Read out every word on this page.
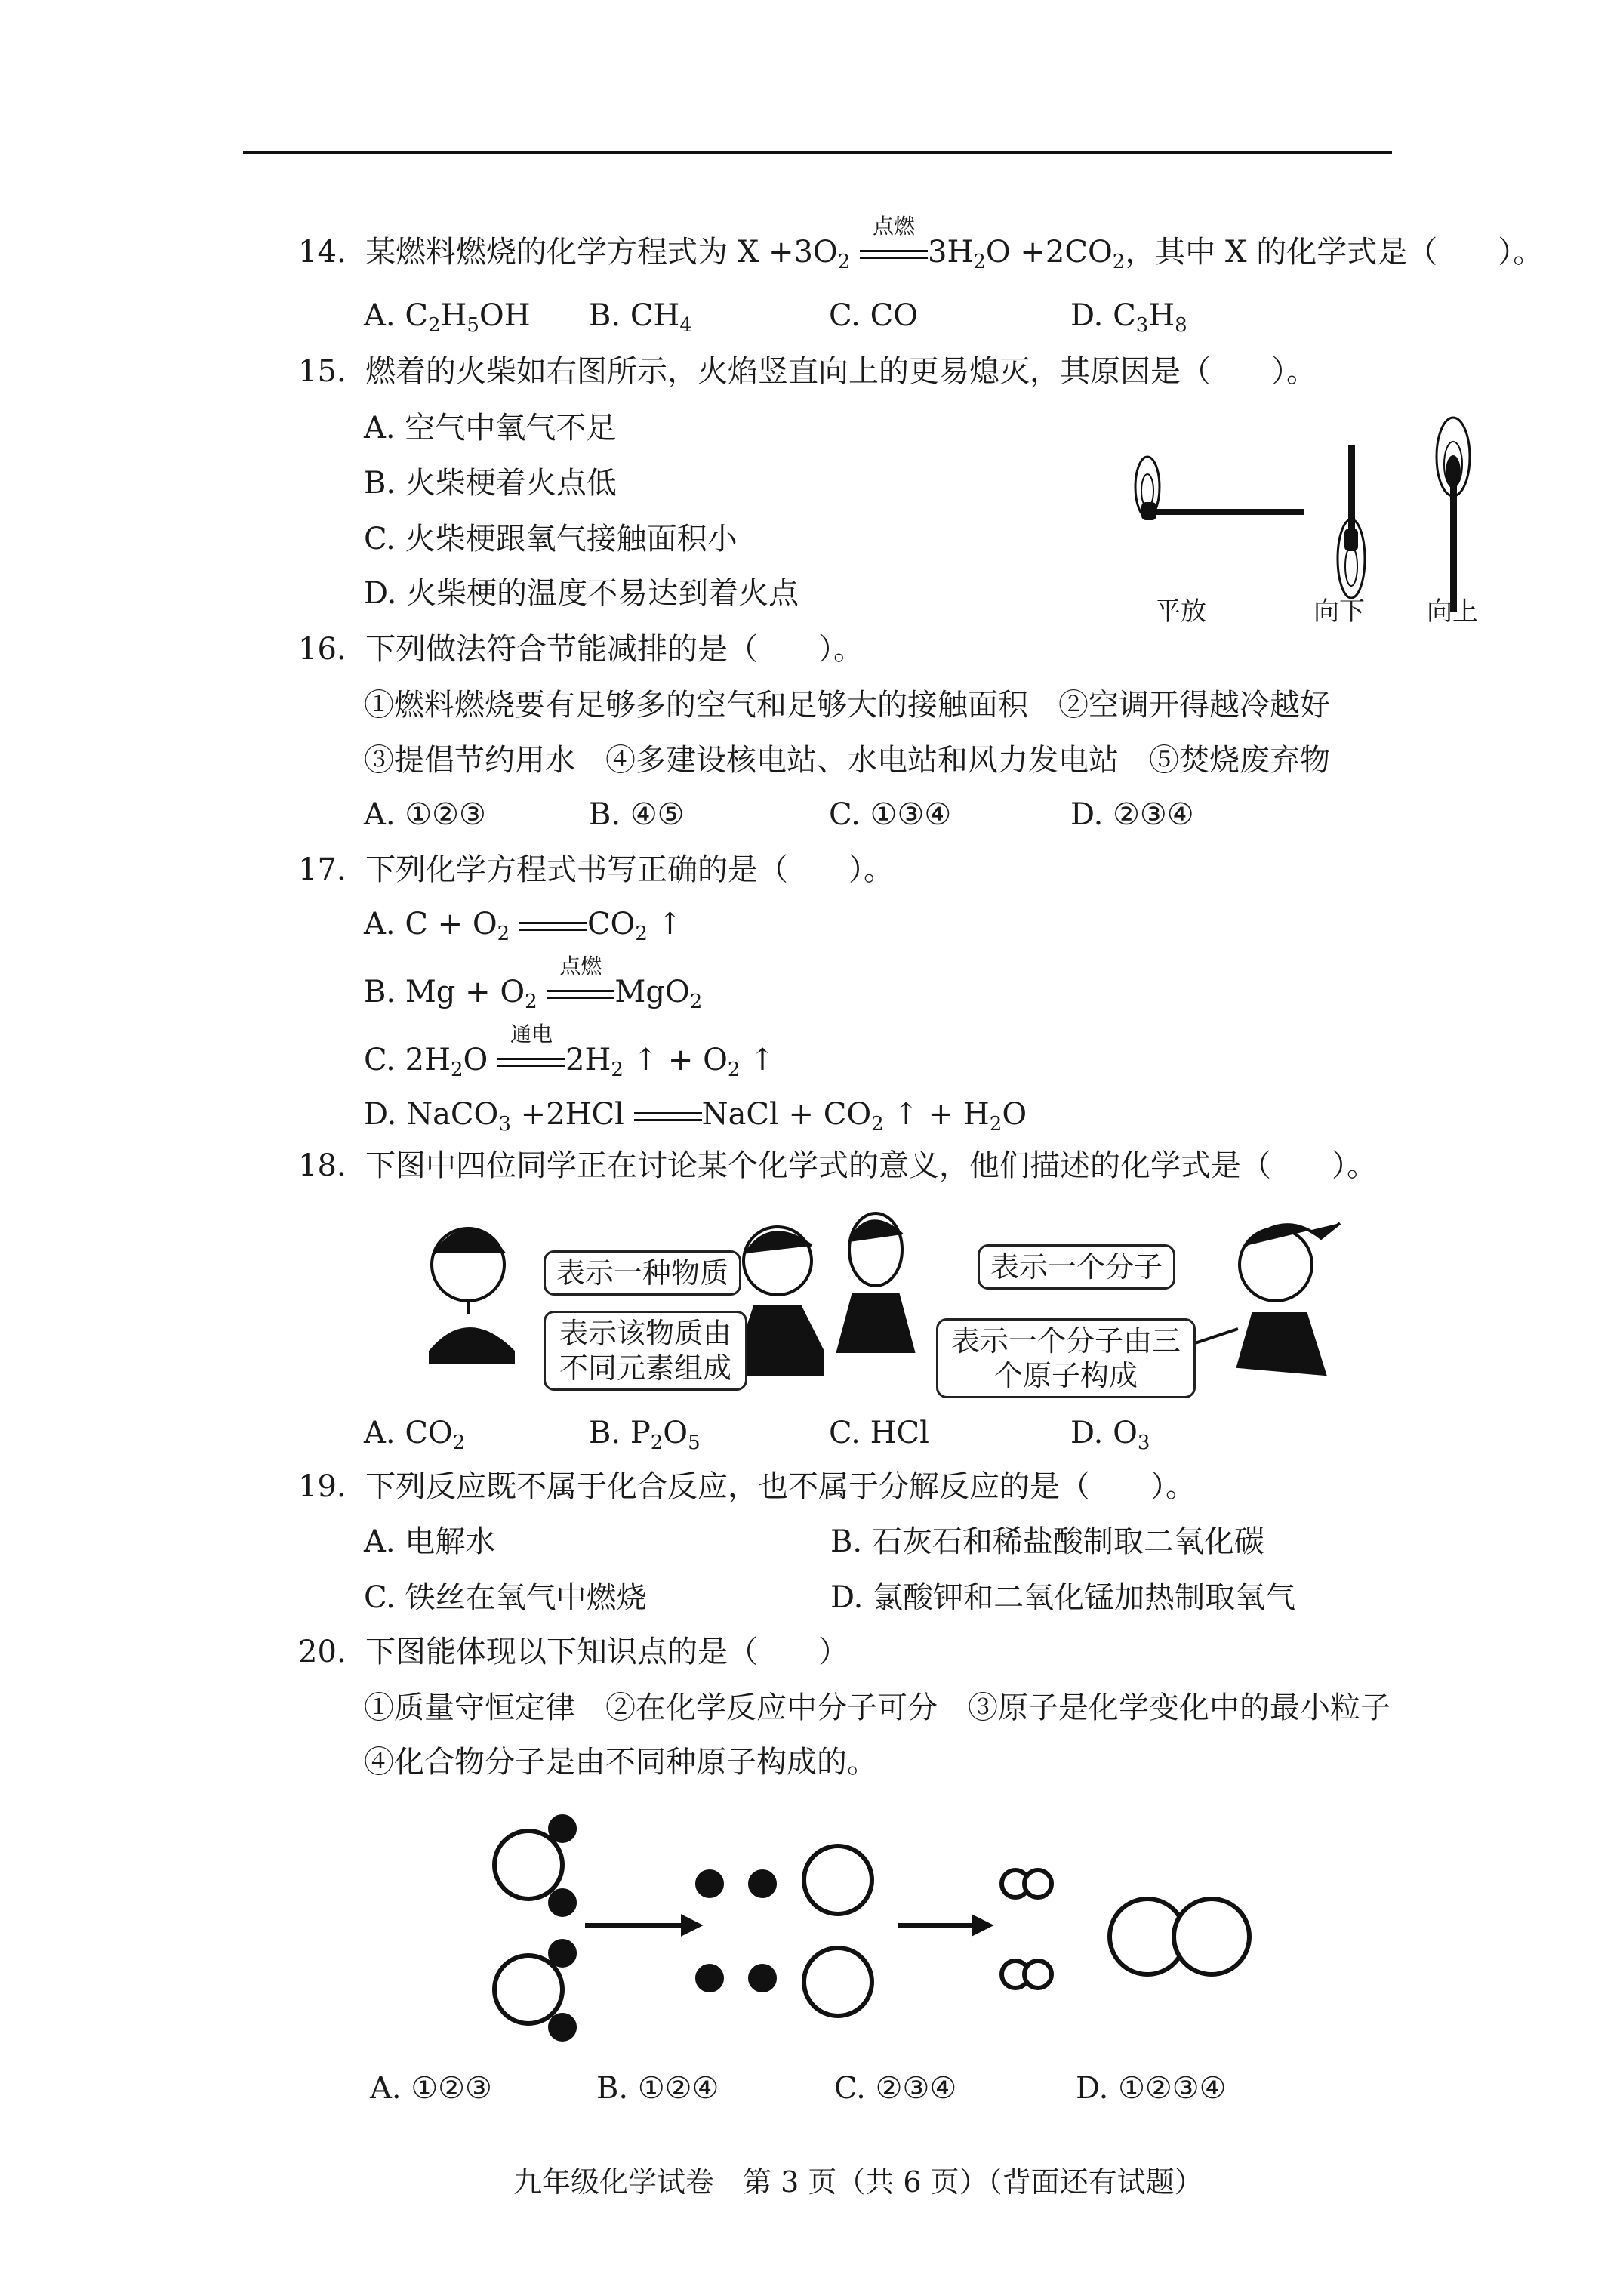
14. 某燃料燃烧的化学方程式为 $X +3O_2$
点燃
$3H_2O +2CO_2$，其中 X 的化学式是（　　）。
A. $C_2H_5OH$ B. $CH_4$	C. CO	D. $C_3H_8$
15. 燃着的火柴如右图所示，火焰竖直向上的更易熄灭，其原因是（　　）。
A. 空气中氧气不足
B. 火柴梗着火点低
C. 火柴梗跟氧气接触面积小
D. 火柴梗的温度不易达到着火点
平放	向下 向上
16. 下列做法符合节能减排的是（　　）。
①燃料燃烧要有足够多的空气和足够大的接触面积　②空调开得越冷越好
③提倡节约用水　④多建设核电站、水电站和风力发电站　⑤焚烧废弃物
A. ①②③	B. ④⑤	C. ①③④	D. ②③④
17. 下列化学方程式书写正确的是（　　）。
A. $C + O_2$	$CO_2$ ↑
B. $Mg + O_2$
点燃
MgO$_2$
C. $2H_2O$
通电
$2H_2$ ↑ + $O_2$ ↑
D. NaCO$_3$ +2HCl	NaCl + $CO_2$ ↑ + $H_2O$
18. 下图中四位同学正在讨论某个化学式的意义，他们描述的化学式是（　　）。
表示一种物质
表示该物质由不同元素组成
表示一个分子由三个原子构成
表示一个分子
A. $CO_2$	B. $P_2O_5$	C. HCl	D. $O_3$
19. 下列反应既不属于化合反应，也不属于分解反应的是（　　）。
A. 电解水	B. 石灰石和稀盐酸制取二氧化碳
C. 铁丝在氧气中燃烧	D. 氯酸钾和二氧化锰加热制取氧气
20. 下图能体现以下知识点的是（　　）
①质量守恒定律　②在化学反应中分子可分　③原子是化学变化中的最小粒子
④化合物分子是由不同种原子构成的。
A. ①②③	B. ①②④	C. ②③④	D. ①②③④
九年级化学试卷　第 3 页（共 6 页）（背面还有试题）
